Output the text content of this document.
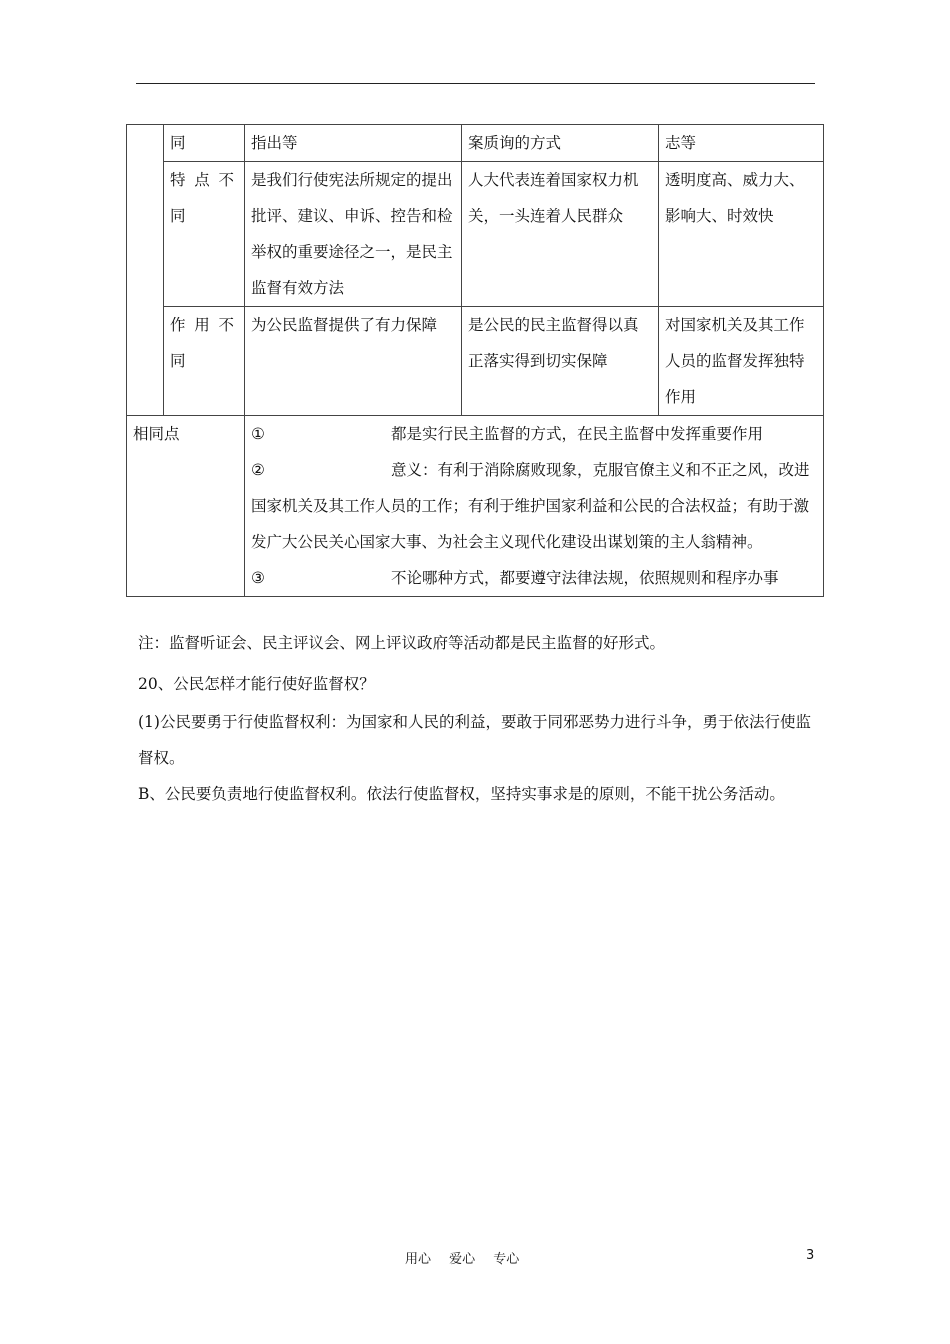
	同	指出等	案质询的方式	志等
	特点不同	是我们行使宪法所规定的提出批评、建议、申诉、控告和检举权的重要途径之一，是民主监督有效方法	人大代表连着国家权力机关，一头连着人民群众	透明度高、威力大、影响大、时效快
	作用不同	为公民监督提供了有力保障	是公民的民主监督得以真正落实得到切实保障	对国家机关及其工作人员的监督发挥独特作用
相同点		① 都是实行民主监督的方式，在民主监督中发挥重要作用
② 意义：有利于消除腐败现象，克服官僚主义和不正之风，改进国家机关及其工作人员的工作；有利于维护国家利益和公民的合法权益；有助于激发广大公民关心国家大事、为社会主义现代化建设出谋划策的主人翁精神。
③ 不论哪种方式，都要遵守法律法规，依照规则和程序办事		
注：监督听证会、民主评议会、网上评议政府等活动都是民主监督的好形式。

20、公民怎样才能行使好监督权？

(1)公民要勇于行使监督权利：为国家和人民的利益，要敢于同邪恶势力进行斗争，勇于依法行使监督权。

B、公民要负责地行使监督权利。依法行使监督权，坚持实事求是的原则，不能干扰公务活动。

用心 爱心 专心	3
